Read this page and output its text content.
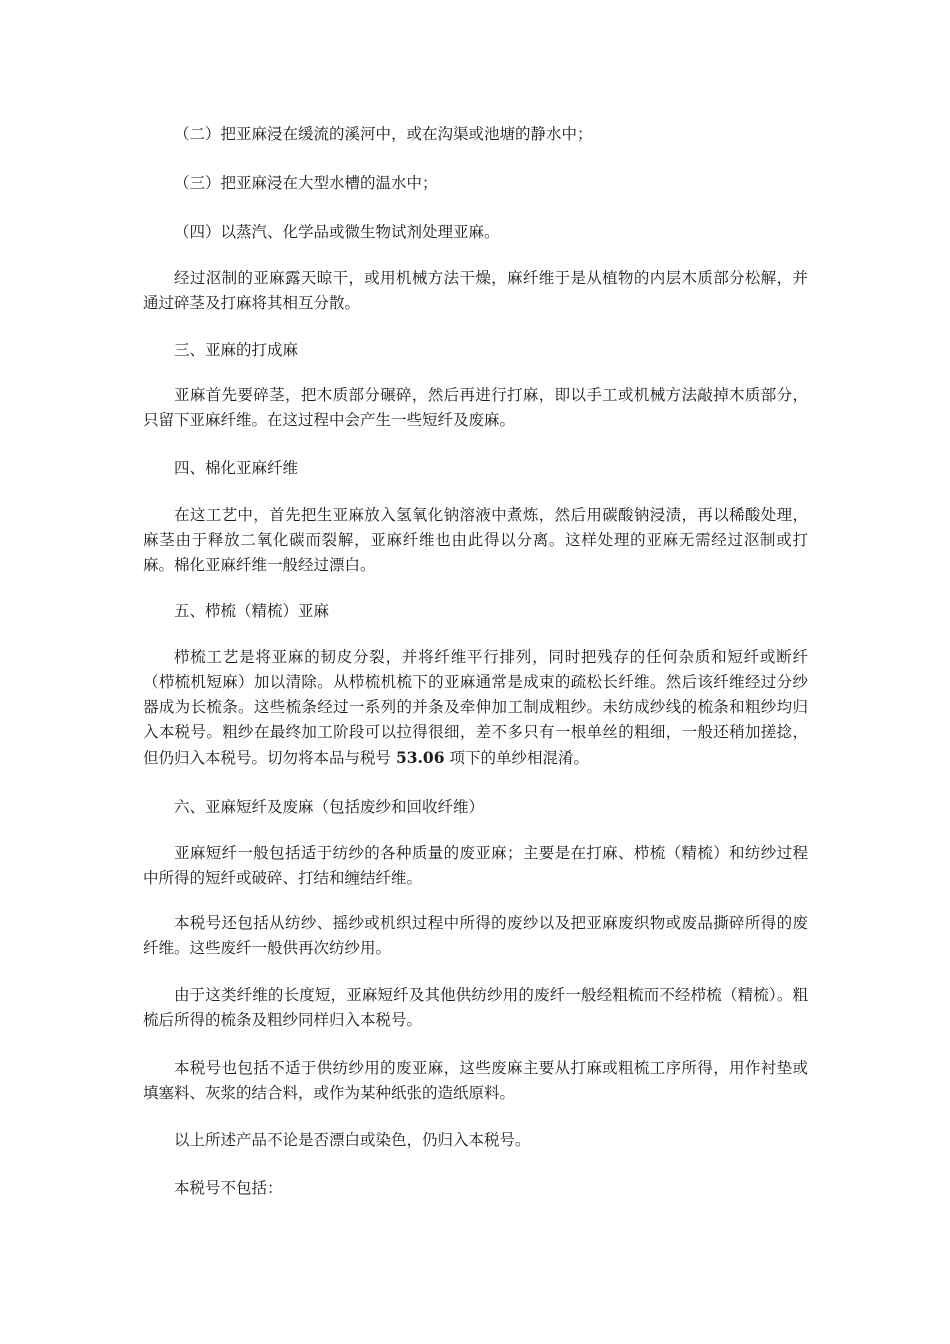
（二）把亚麻浸在缓流的溪河中，或在沟渠或池塘的静水中；

（三）把亚麻浸在大型水槽的温水中；

（四）以蒸汽、化学品或微生物试剂处理亚麻。

经过沤制的亚麻露天晾干，或用机械方法干燥，麻纤维于是从植物的内层木质部分松解，并通过碎茎及打麻将其相互分散。

三、亚麻的打成麻

亚麻首先要碎茎，把木质部分碾碎，然后再进行打麻，即以手工或机械方法敲掉木质部分，只留下亚麻纤维。在这过程中会产生一些短纤及废麻。

四、棉化亚麻纤维

在这工艺中，首先把生亚麻放入氢氧化钠溶液中煮炼，然后用碳酸钠浸渍，再以稀酸处理，麻茎由于释放二氧化碳而裂解，亚麻纤维也由此得以分离。这样处理的亚麻无需经过沤制或打麻。棉化亚麻纤维一般经过漂白。

五、栉梳（精梳）亚麻

栉梳工艺是将亚麻的韧皮分裂，并将纤维平行排列，同时把残存的任何杂质和短纤或断纤（栉梳机短麻）加以清除。从栉梳机梳下的亚麻通常是成束的疏松长纤维。然后该纤维经过分纱器成为长梳条。这些梳条经过一系列的并条及牵伸加工制成粗纱。未纺成纱线的梳条和粗纱均归入本税号。粗纱在最终加工阶段可以拉得很细，差不多只有一根单丝的粗细，一般还稍加搓捻，但仍归入本税号。切勿将本品与税号 53.06 项下的单纱相混淆。

六、亚麻短纤及废麻（包括废纱和回收纤维）

亚麻短纤一般包括适于纺纱的各种质量的废亚麻；主要是在打麻、栉梳（精梳）和纺纱过程中所得的短纤或破碎、打结和缠结纤维。

本税号还包括从纺纱、摇纱或机织过程中所得的废纱以及把亚麻废织物或废品撕碎所得的废纤维。这些废纤一般供再次纺纱用。

由于这类纤维的长度短，亚麻短纤及其他供纺纱用的废纤一般经粗梳而不经栉梳（精梳）。粗梳后所得的梳条及粗纱同样归入本税号。

本税号也包括不适于供纺纱用的废亚麻，这些废麻主要从打麻或粗梳工序所得，用作衬垫或填塞料、灰浆的结合料，或作为某种纸张的造纸原料。

以上所述产品不论是否漂白或染色，仍归入本税号。

本税号不包括：
